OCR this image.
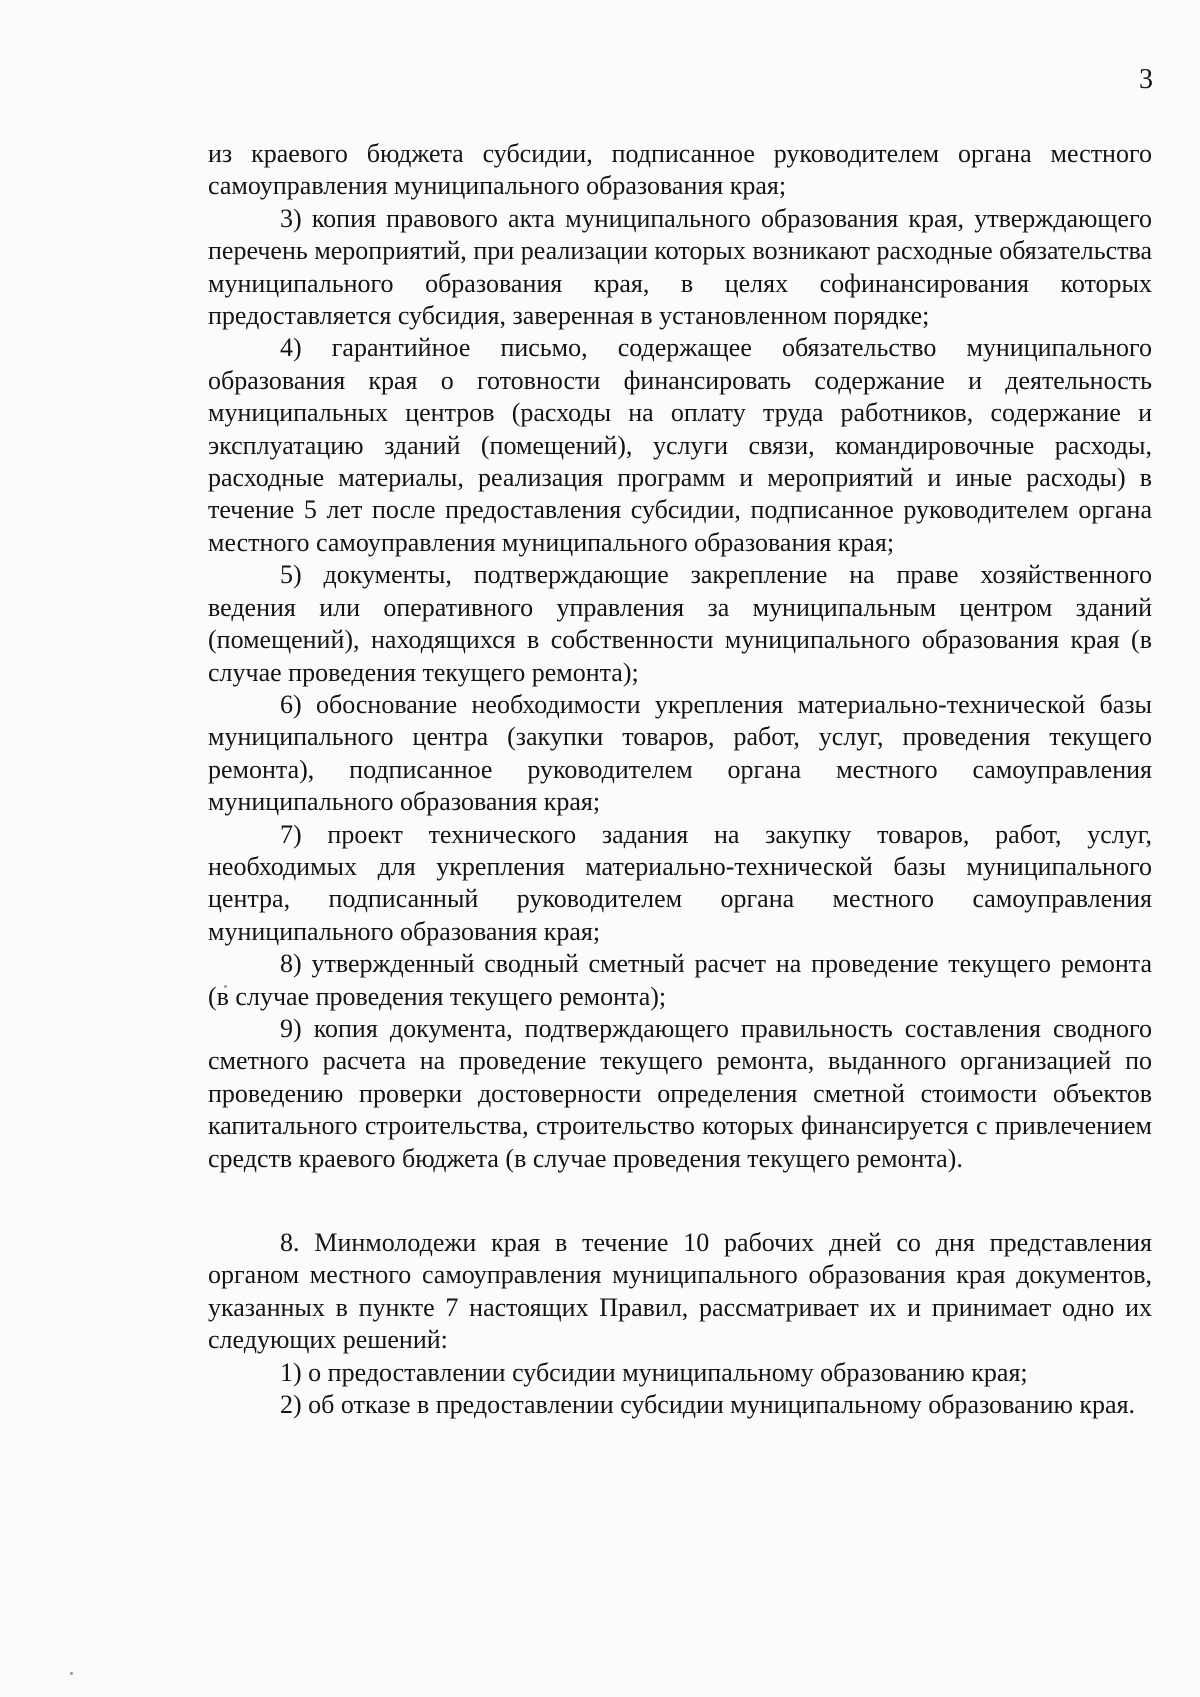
3

из краевого бюджета субсидии, подписанное руководителем органа местного самоуправления муниципального образования края;

3) копия правового акта муниципального образования края, утверждающего перечень мероприятий, при реализации которых возникают расходные обязательства муниципального образования края, в целях софинансирования которых предоставляется субсидия, заверенная в установленном порядке;

4) гарантийное письмо, содержащее обязательство муниципального образования края о готовности финансировать содержание и деятельность муниципальных центров (расходы на оплату труда работников, содержание и эксплуатацию зданий (помещений), услуги связи, командировочные расходы, расходные материалы, реализация программ и мероприятий и иные расходы) в течение 5 лет после предоставления субсидии, подписанное руководителем органа местного самоуправления муниципального образования края;

5) документы, подтверждающие закрепление на праве хозяйственного ведения или оперативного управления за муниципальным центром зданий (помещений), находящихся в собственности муниципального образования края (в случае проведения текущего ремонта);

6) обоснование необходимости укрепления материально-технической базы муниципального центра (закупки товаров, работ, услуг, проведения текущего ремонта), подписанное руководителем органа местного самоуправления муниципального образования края;

7) проект технического задания на закупку товаров, работ, услуг, необходимых для укрепления материально-технической базы муниципального центра, подписанный руководителем органа местного самоуправления муниципального образования края;

8) утвержденный сводный сметный расчет на проведение текущего ремонта (в случае проведения текущего ремонта);

9) копия документа, подтверждающего правильность составления сводного сметного расчета на проведение текущего ремонта, выданного организацией по проведению проверки достоверности определения сметной стоимости объектов капитального строительства, строительство которых финансируется с привлечением средств краевого бюджета (в случае проведения текущего ремонта).

8. Минмолодежи края в течение 10 рабочих дней со дня представления органом местного самоуправления муниципального образования края документов, указанных в пункте 7 настоящих Правил, рассматривает их и принимает одно их следующих решений:

1) о предоставлении субсидии муниципальному образованию края;

2) об отказе в предоставлении субсидии муниципальному образованию края.
